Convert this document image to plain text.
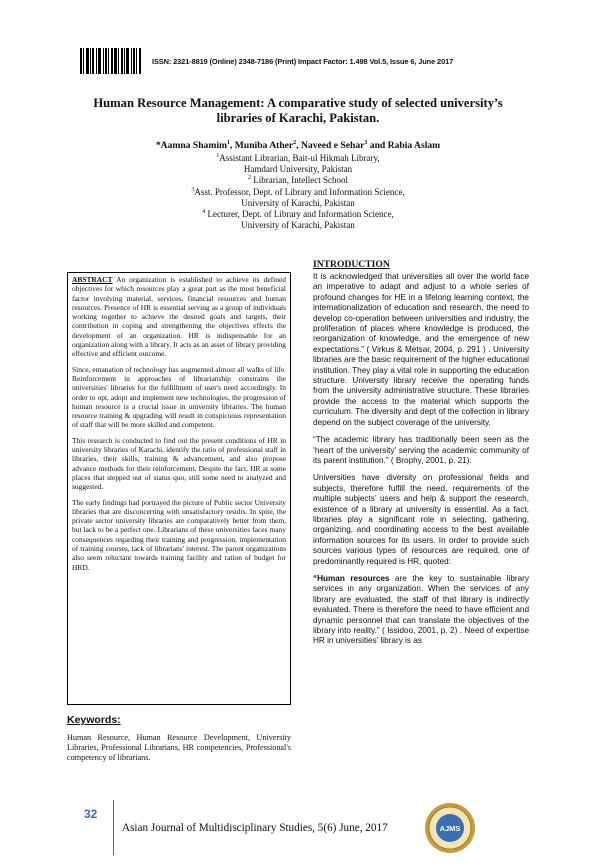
ISSN: 2321-8819 (Online) 2348-7186 (Print) Impact Factor: 1.498 Vol.5, Issue 6, June 2017
Human Resource Management: A comparative study of selected university’s
libraries of Karachi, Pakistan.
*Aamna Shamim$^1$, Muniba Ather$^2$, Naveed e Sehar$^3$ and Rabia Aslam
$^1$Assistant Librarian, Bait-ul Hikmah Library,
Hamdard University, Pakistan
$^2$ Librarian, Intellect School
$^3$Asst. Professor, Dept. of Library and Information Science,
University of Karachi, Pakistan
$^4$ Lecturer, Dept. of Library and Information Science,
University of Karachi, Pakistan

ABSTRACT An organization is established to achieve its defined objectives for which resources play a great part as the most beneficial factor involving material, services, financial resources and human resources. Presence of HR is essential serving as a group of individuals working together to achieve the desired goals and targets, their contribution in coping and strengthening the objectives effects the development of an organization. HR is indispensable for an organization along with a library. It acts as an asset of library providing effective and efficient outcome.

Since, emanation of technology has augmented almost all walks of life. Reinforcement in approaches of librarianship constrains the universities' libraries for the fulfillment of user's need accordingly. In order to opt, adopt and implement new technologies, the progression of human resource is a crucial issue in university libraries. The human resource training & upgrading will result in conspicuous representation of staff that will be more skilled and competent.

This research is conducted to find out the present conditions of HR in university libraries of Karachi, identify the ratio of professional staff in libraries, their skills, training & advancement, and also propose advance methods for their reinforcement. Despite the fact, HR at some places that stepped out of status quo, still some need to analyzed and suggested.

The early findings had portrayed the picture of Public sector University libraries that are disconcerting with unsatisfactory results. In spite, the private sector university libraries are comparatively better from them, but lack to be a perfect one. Librarians of these universities faces many consequences regarding their training and progression, implementation of training courses, lack of librarians' interest. The parent organizations also seem reluctant towards training facility and ration of budget for HRD.

Keywords:
Human Resource, Human Resource Development, University Libraries, Professional Librarians, HR competencies, Professional's competency of librarians.
INTRODUCTION

It is acknowledged that universities all over the world face an imperative to adapt and adjust to a whole series of profound changes for HE in a lifelong learning context, the internationalization of education and research, the need to develop co-operation between universities and industry, the proliferation of places where knowledge is produced, the reorganization of knowledge, and the emergence of new expectations.” ( Virkus & Metsar, 2004, p. 291 ) . University libraries are the basic requirement of the higher educational institution. They play a vital role in supporting the education structure. University library receive the operating funds from the university administrative structure. These libraries provide the access to the material which supports the curriculum. The diversity and dept of the collection in library depend on the subject coverage of the university.

“The academic library has traditionally been seen as the ‘heart of the university’ serving the academic community of its parent institution.” ( Brophy, 2001, p. 21).

Universities have diversity on professional fields and subjects, therefore fulfill the need, requirements of the multiple subjects’ users and help & support the research, existence of a library at university is essential. As a fact, libraries play a significant role in selecting, gathering, organizing, and coordinating access to the best available information sources for its users. In order to provide such sources various types of resources are required, one of predominantly required is HR, quoted:

“Human resources are the key to sustainable library services in any organization. When the services of any library are evaluated, the staff of that library is indirectly evaluated. There is therefore the need to have efficient and dynamic personnel that can translate the objectives of the library into reality.” ( Issidoo, 2001, p. 2) . Need of expertise HR in universities’ library is as

32
Asian Journal of Multidisciplinary Studies, 5(6) June, 2017	AJMS
